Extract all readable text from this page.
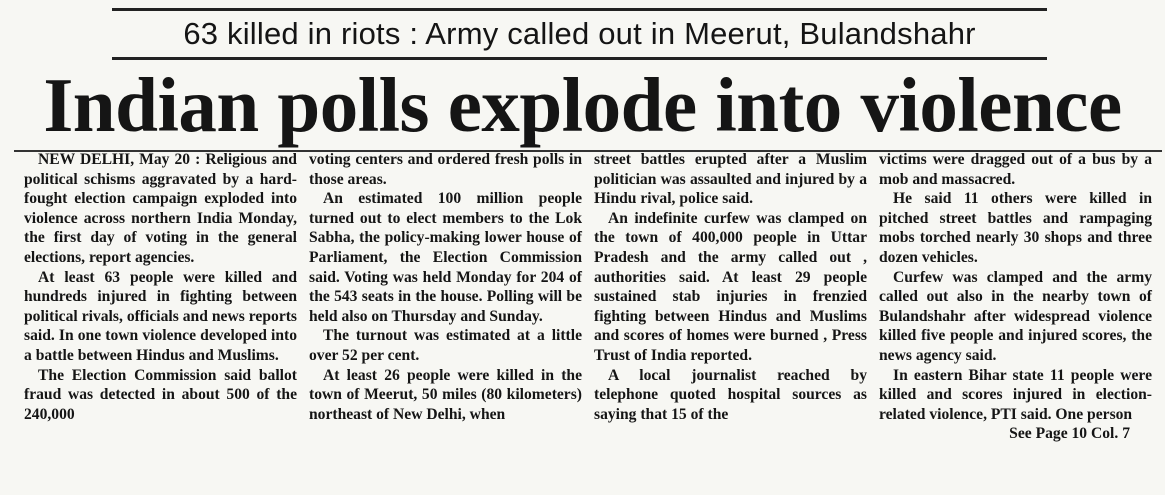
63 killed in riots : Army called out in Meerut, Bulandshahr
Indian polls explode into violence

NEW DELHI, May 20 : Religious and political schisms aggravated by a hard-fought election campaign exploded into violence across northern India Monday, the first day of voting in the general elections, report agencies.

At least 63 people were killed and hundreds injured in fighting between political rivals, officials and news reports said. In one town violence developed into a battle between Hindus and Muslims.

The Election Commission said ballot fraud was detected in about 500 of the 240,000

voting centers and ordered fresh polls in those areas.

An estimated 100 million people turned out to elect members to the Lok Sabha, the policy-making lower house of Parliament, the Election Commission said. Voting was held Monday for 204 of the 543 seats in the house. Polling will be held also on Thursday and Sunday.

The turnout was estimated at a little over 52 per cent.

At least 26 people were killed in the town of Meerut, 50 miles (80 kilometers) northeast of New Delhi, when

street battles erupted after a Muslim politician was assaulted and injured by a Hindu rival, police said.

An indefinite curfew was clamped on the town of 400,000 people in Uttar Pradesh and the army called out , authorities said. At least 29 people sustained stab injuries in frenzied fighting between Hindus and Muslims and scores of homes were burned , Press Trust of India reported.

A local journalist reached by telephone quoted hospital sources as saying that 15 of the

victims were dragged out of a bus by a mob and massacred.

He said 11 others were killed in pitched street battles and rampaging mobs torched nearly 30 shops and three dozen vehicles.

Curfew was clamped and the army called out also in the nearby town of Bulandshahr after widespread violence killed five people and injured scores, the news agency said.

In eastern Bihar state 11 people were killed and scores injured in election-related violence, PTI said. One person

See Page 10 Col. 7
